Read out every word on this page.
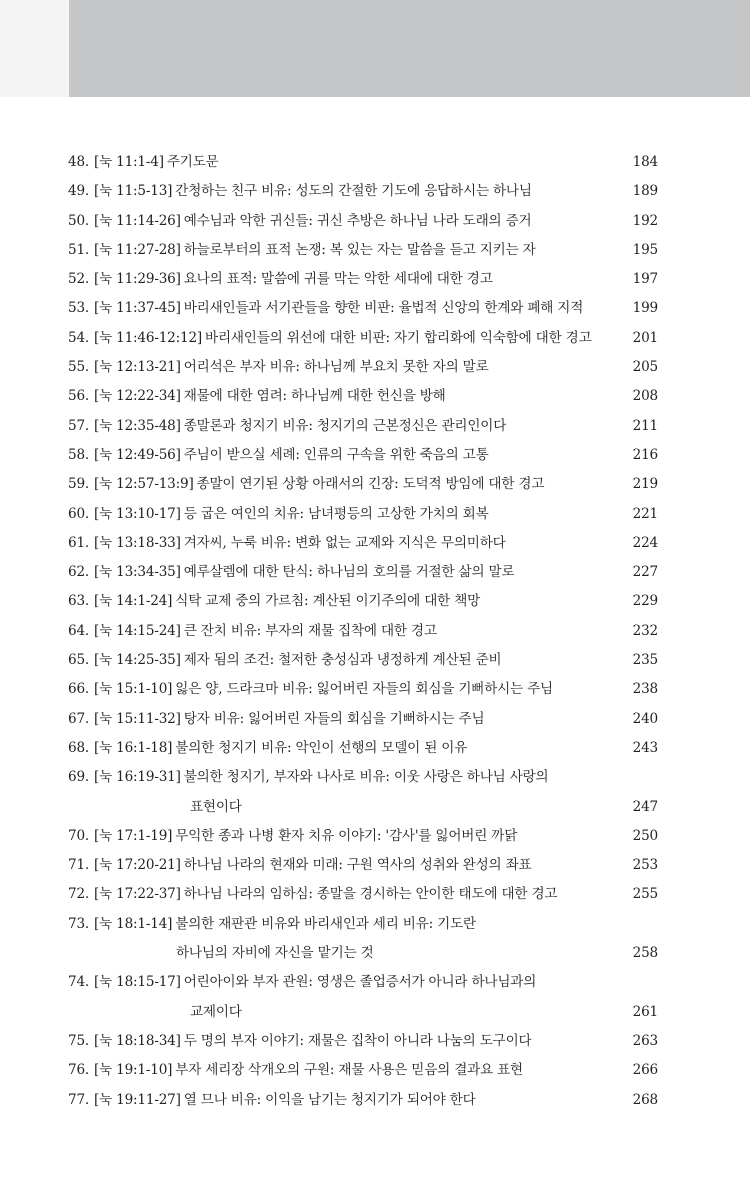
48. [눅 11:1-4] 주기도문	184
49. [눅 11:5-13] 간청하는 친구 비유: 성도의 간절한 기도에 응답하시는 하나님	189
50. [눅 11:14-26] 예수님과 악한 귀신들: 귀신 추방은 하나님 나라 도래의 증거	192
51. [눅 11:27-28] 하늘로부터의 표적 논쟁: 복 있는 자는 말씀을 듣고 지키는 자	195
52. [눅 11:29-36] 요나의 표적: 말씀에 귀를 막는 악한 세대에 대한 경고	197
53. [눅 11:37-45] 바리새인들과 서기관들을 향한 비판: 율법적 신앙의 한계와 폐해 지적	199
54. [눅 11:46-12:12] 바리새인들의 위선에 대한 비판: 자기 합리화에 익숙함에 대한 경고	201
55. [눅 12:13-21] 어리석은 부자 비유: 하나님께 부요치 못한 자의 말로	205
56. [눅 12:22-34] 재물에 대한 염려: 하나님께 대한 헌신을 방해	208
57. [눅 12:35-48] 종말론과 청지기 비유: 청지기의 근본정신은 관리인이다	211
58. [눅 12:49-56] 주님이 받으실 세례: 인류의 구속을 위한 죽음의 고통	216
59. [눅 12:57-13:9] 종말이 연기된 상황 아래서의 긴장: 도덕적 방임에 대한 경고	219
60. [눅 13:10-17] 등 굽은 여인의 치유: 남녀평등의 고상한 가치의 회복	221
61. [눅 13:18-33] 겨자씨, 누룩 비유: 변화 없는 교제와 지식은 무의미하다	224
62. [눅 13:34-35] 예루살렘에 대한 탄식: 하나님의 호의를 거절한 삶의 말로	227
63. [눅 14:1-24] 식탁 교제 중의 가르침: 계산된 이기주의에 대한 책망	229
64. [눅 14:15-24] 큰 잔치 비유: 부자의 재물 집착에 대한 경고	232
65. [눅 14:25-35] 제자 됨의 조건: 철저한 충성심과 냉정하게 계산된 준비	235
66. [눅 15:1-10] 잃은 양, 드라크마 비유: 잃어버린 자들의 회심을 기뻐하시는 주님	238
67. [눅 15:11-32] 탕자 비유: 잃어버린 자들의 회심을 기뻐하시는 주님	240
68. [눅 16:1-18] 불의한 청지기 비유: 악인이 선행의 모델이 된 이유	243
69. [눅 16:19-31] 불의한 청지기, 부자와 나사로 비유: 이웃 사랑은 하나님 사랑의
표현이다	247
70. [눅 17:1-19] 무익한 종과 나병 환자 치유 이야기: '감사'를 잃어버린 까닭	250
71. [눅 17:20-21] 하나님 나라의 현재와 미래: 구원 역사의 성취와 완성의 좌표	253
72. [눅 17:22-37] 하나님 나라의 임하심: 종말을 경시하는 안이한 태도에 대한 경고	255
73. [눅 18:1-14] 불의한 재판관 비유와 바리새인과 세리 비유: 기도란
하나님의 자비에 자신을 맡기는 것	258
74. [눅 18:15-17] 어린아이와 부자 관원: 영생은 졸업증서가 아니라 하나님과의
교제이다	261
75. [눅 18:18-34] 두 명의 부자 이야기: 재물은 집착이 아니라 나눔의 도구이다	263
76. [눅 19:1-10] 부자 세리장 삭개오의 구원: 재물 사용은 믿음의 결과요 표현	266
77. [눅 19:11-27] 열 므나 비유: 이익을 남기는 청지기가 되어야 한다	268
